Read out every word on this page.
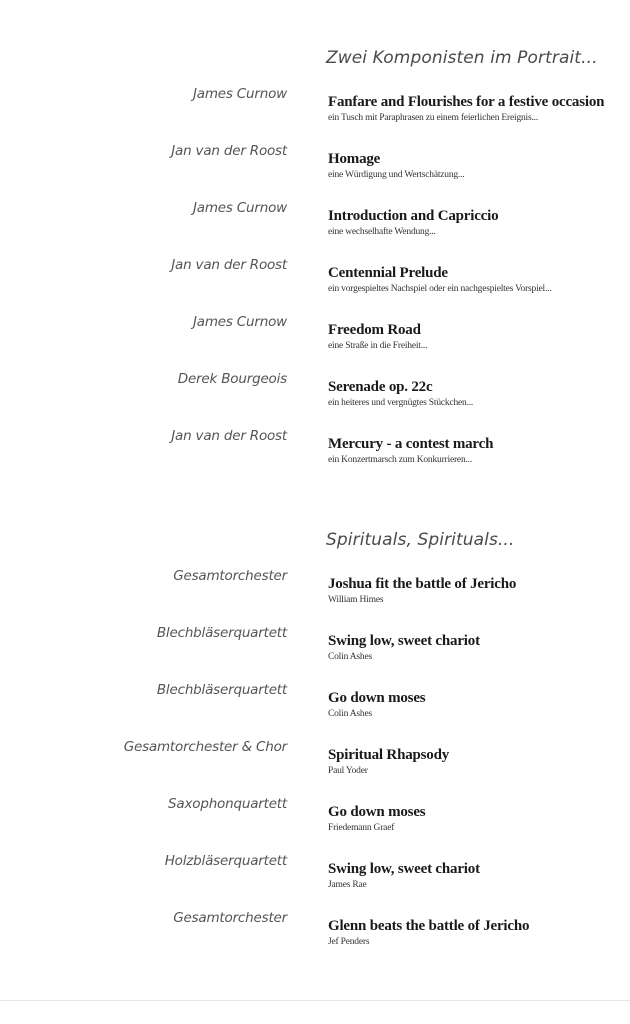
Zwei Komponisten im Portrait...
James Curnow	Fanfare and Flourishes for a festive occasion
ein Tusch mit Paraphrasen zu einem feierlichen Ereignis...
Jan van der Roost	Homage
eine Würdigung und Wertschätzung...
James Curnow	Introduction and Capriccio
eine wechselhafte Wendung...
Jan van der Roost	Centennial Prelude
ein vorgespieltes Nachspiel oder ein nachgespieltes Vorspiel...
James Curnow	Freedom Road
eine Straße in die Freiheit...
Derek Bourgeois	Serenade op. 22c
ein heiteres und vergnügtes Stückchen...
Jan van der Roost	Mercury - a contest march
ein Konzertmarsch zum Konkurrieren...
Spirituals, Spirituals...
Gesamtorchester	Joshua fit the battle of Jericho
William Himes
Blechbläserquartett	Swing low, sweet chariot
Colin Ashes
Blechbläserquartett	Go down moses
Colin Ashes
Gesamtorchester & Chor	Spiritual Rhapsody
Paul Yoder
Saxophonquartett	Go down moses
Friedemann Graef
Holzbläserquartett	Swing low, sweet chariot
James Rae
Gesamtorchester	Glenn beats the battle of Jericho
Jef Penders
